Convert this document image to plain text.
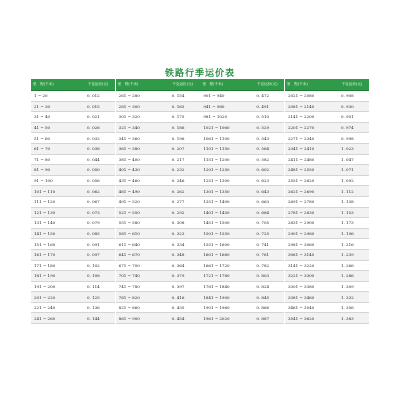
铁路行季运价表
里　程(千米)	千克运价(元)
1 ~ 20	0. 012
21 ~ 30	0. 015
31 ~ 40	0. 021
41 ~ 50	0. 026
51 ~ 60	0. 032
61 ~ 70	0. 038
71 ~ 80	0. 044
81 ~ 90	0. 050
91 ~ 100	0. 056
101 ~ 110	0. 062
111 ~ 120	0. 067
121 ~ 130	0. 073
131 ~ 140	0. 079
141 ~ 150	0. 085
151 ~ 160	0. 091
161 ~ 170	0. 097
171 ~ 180	0. 102
181 ~ 190	0. 108
191 ~ 200	0. 114
201 ~ 220	0. 125
221 ~ 240	0. 136
241 ~ 260	0. 144
里　程(千米)	千克运价(元)
261 ~ 280	0. 154
281 ~ 300	0. 165
301 ~ 320	0. 175
321 ~ 340	0. 186
341 ~ 360	0. 196
361 ~ 380	0. 207
381 ~ 400	0. 217
401 ~ 430	0. 232
431 ~ 460	0. 246
461 ~ 490	0. 262
491 ~ 520	0. 277
521 ~ 550	0. 292
551 ~ 580	0. 308
581 ~ 610	0. 323
611 ~ 640	0. 334
641 ~ 670	0. 348
671 ~ 700	0. 364
701 ~ 740	0. 379
741 ~ 780	0. 397
781 ~ 820	0. 416
821 ~ 860	0. 435
861 ~ 900	0. 454
里　程(千米)	千克运价(元)
901 ~ 940	0. 472
941 ~ 980	0. 491
981 ~ 1020	0. 510
1021 ~ 1060	0. 529
1061 ~ 1100	0. 543
1101 ~ 1150	0. 564
1151 ~ 1200	0. 582
1201 ~ 1250	0. 602
1251 ~ 1300	0. 623
1301 ~ 1350	0. 643
1351 ~ 1400	0. 663
1401 ~ 1450	0. 684
1451 ~ 1500	0. 705
1501 ~ 1550	0. 725
1551 ~ 1600	0. 741
1601 ~ 1660	0. 761
1661 ~ 1720	0. 782
1721 ~ 1780	0. 803
1781 ~ 1840	0. 824
1841 ~ 1900	0. 845
1901 ~ 1960	0. 866
1961 ~ 2020	0. 887
里　程(千米)	千克运价(元)
2021 ~ 2080	0. 908
2081 ~ 2140	0. 930
2141 ~ 2200	0. 951
2201 ~ 2270	0. 974
2271 ~ 2340	0. 998
2341 ~ 2410	1. 023
2411 ~ 2480	1. 047
2481 ~ 2550	1. 071
2551 ~ 2620	1. 092
2621 ~ 2690	1. 112
2691 ~ 2780	1. 138
2781 ~ 2830	1. 153
2831 ~ 2900	1. 173
2901 ~ 2980	1. 196
2981 ~ 3060	1. 216
3061 ~ 3140	1. 239
3141 ~ 3220	1. 266
3221 ~ 3300	1. 286
3301 ~ 3380	1. 309
3381 ~ 3460	1. 332
3461 ~ 3540	1. 356
3541 ~ 3620	1. 383
